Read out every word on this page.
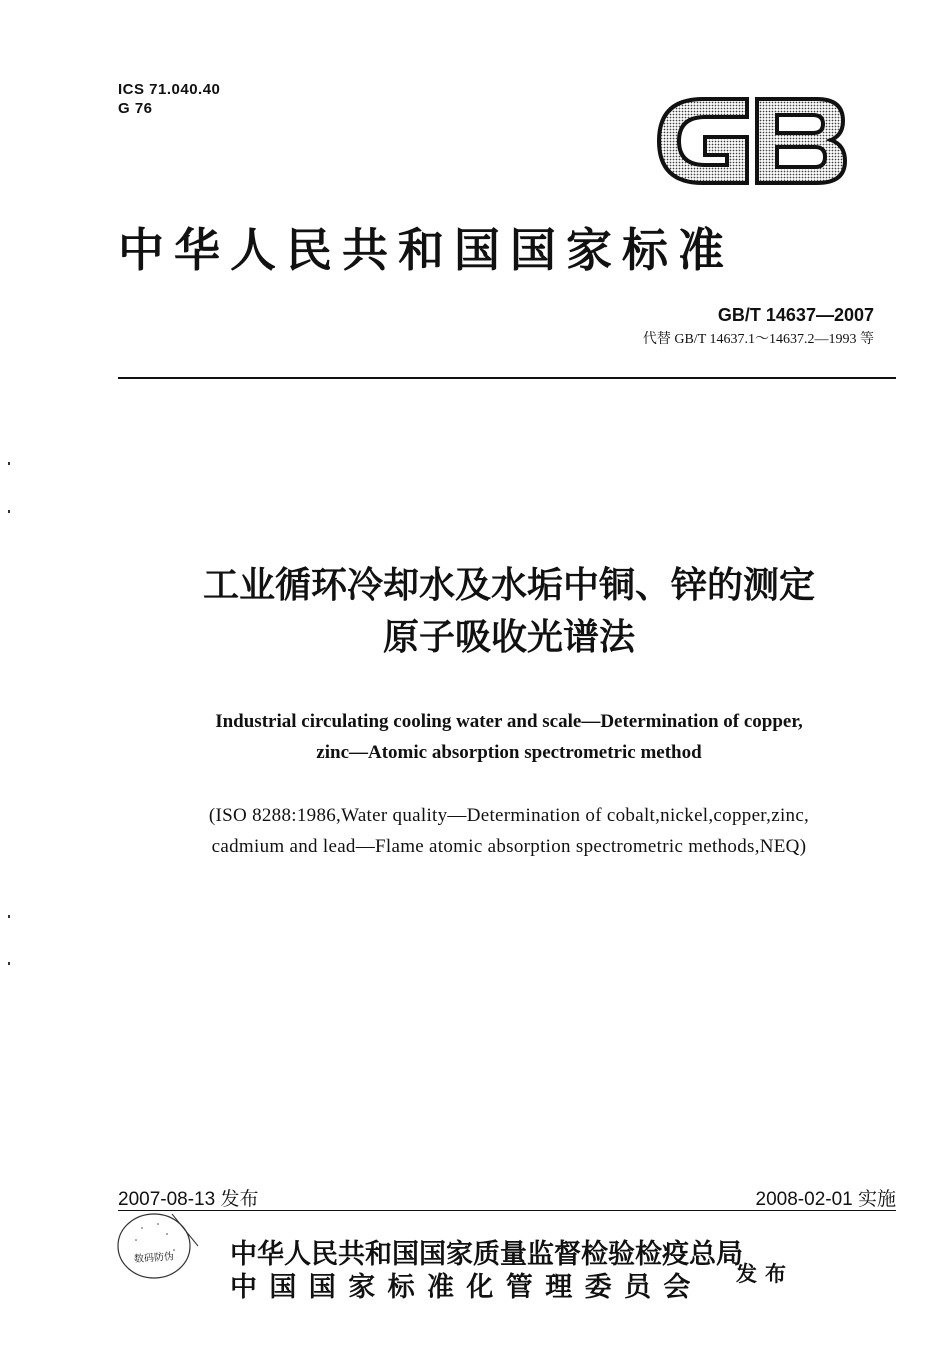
ICS 71.040.40
G 76
中华人民共和国国家标准
GB/T 14637—2007
代替 GB/T 14637.1～14637.2—1993 等
工业循环冷却水及水垢中铜、锌的测定
原子吸收光谱法
Industrial circulating cooling water and scale—Determination of copper,
zinc—Atomic absorption spectrometric method
(ISO 8288:1986,Water quality—Determination of cobalt,nickel,copper,zinc,
cadmium and lead—Flame atomic absorption spectrometric methods,NEQ)
2007-08-13 发布	2008-02-01 实施
数码防伪 中华人民共和国国家质量监督检验检疫总局
中国国家标准化管理委员会	发布
